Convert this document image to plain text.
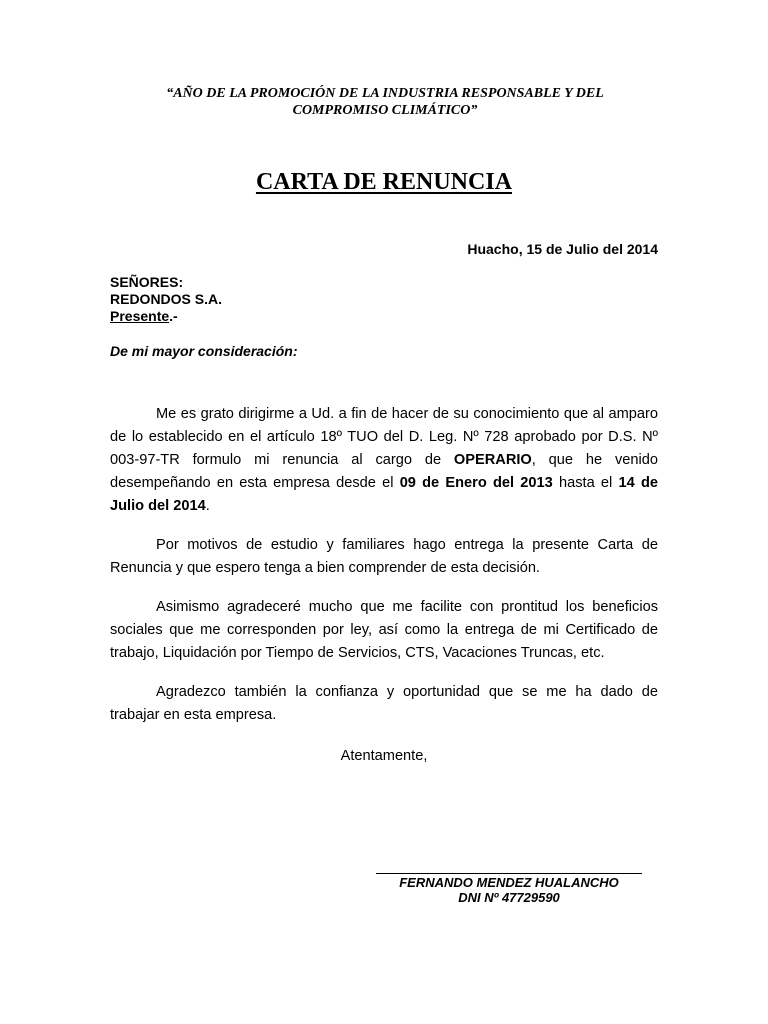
“AÑO DE LA PROMOCIÓN DE LA INDUSTRIA RESPONSABLE Y DEL
COMPROMISO CLIMÁTICO”
CARTA DE RENUNCIA
Huacho, 15 de Julio del 2014
SEÑORES:
REDONDOS S.A.
Presente.-
De mi mayor consideración:

Me es grato dirigirme a Ud. a fin de hacer de su conocimiento que al amparo de lo establecido en el artículo 18º TUO del D. Leg. Nº 728 aprobado por D.S. Nº 003-97-TR formulo mi renuncia al cargo de OPERARIO, que he venido desempeñando en esta empresa desde el 09 de Enero del 2013 hasta el 14 de Julio del 2014.

Por motivos de estudio y familiares hago entrega la presente Carta de Renuncia y que espero tenga a bien comprender de esta decisión.

Asimismo agradeceré mucho que me facilite con prontitud los beneficios sociales que me corresponden por ley, así como la entrega de mi Certificado de trabajo, Liquidación por Tiempo de Servicios, CTS, Vacaciones Truncas, etc.

Agradezco también la confianza y oportunidad que se me ha dado de trabajar en esta empresa.

Atentamente,
FERNANDO MENDEZ HUALANCHO
DNI Nº 47729590
